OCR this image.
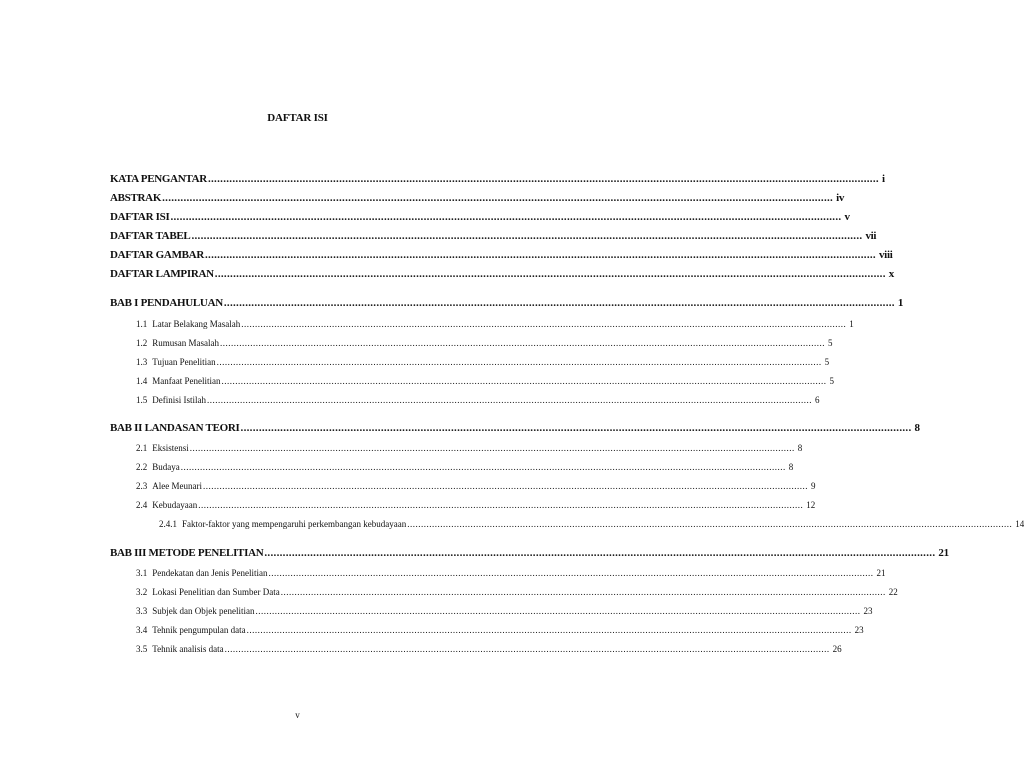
DAFTAR ISI
KATA PENGANTAR ............................................................................................................................................................................................................................ i
ABSTRAK ............................................................................................................................................................................................................................ iv
DAFTAR ISI ............................................................................................................................................................................................................................ v
DAFTAR TABEL ............................................................................................................................................................................................................................ vii
DAFTAR GAMBAR ............................................................................................................................................................................................................................ viii
DAFTAR LAMPIRAN ............................................................................................................................................................................................................................ x
BAB I PENDAHULUAN ............................................................................................................................................................................................................................ 1
1.1 Latar Belakang Masalah ............................................................................................................................................................................................................................ 1
1.2 Rumusan Masalah ............................................................................................................................................................................................................................ 5
1.3 Tujuan Penelitian ............................................................................................................................................................................................................................ 5
1.4 Manfaat Penelitian ............................................................................................................................................................................................................................ 5
1.5 Definisi Istilah ............................................................................................................................................................................................................................ 6
BAB II LANDASAN TEORI ............................................................................................................................................................................................................................ 8
2.1 Eksistensi ............................................................................................................................................................................................................................ 8
2.2 Budaya ............................................................................................................................................................................................................................ 8
2.3 Alee Meunari ............................................................................................................................................................................................................................ 9
2.4 Kebudayaan ............................................................................................................................................................................................................................ 12
2.4.1 Faktor-faktor yang mempengaruhi perkembangan kebudayaan ............................................................................................................................................................................................................................ 14
BAB III METODE PENELITIAN ............................................................................................................................................................................................................................ 21
3.1 Pendekatan dan Jenis Penelitian ............................................................................................................................................................................................................................ 21
3.2 Lokasi Penelitian dan Sumber Data ............................................................................................................................................................................................................................ 22
3.3 Subjek dan Objek penelitian ............................................................................................................................................................................................................................ 23
3.4 Tehnik pengumpulan data ............................................................................................................................................................................................................................ 23
3.5 Tehnik analisis data ............................................................................................................................................................................................................................ 26
v
